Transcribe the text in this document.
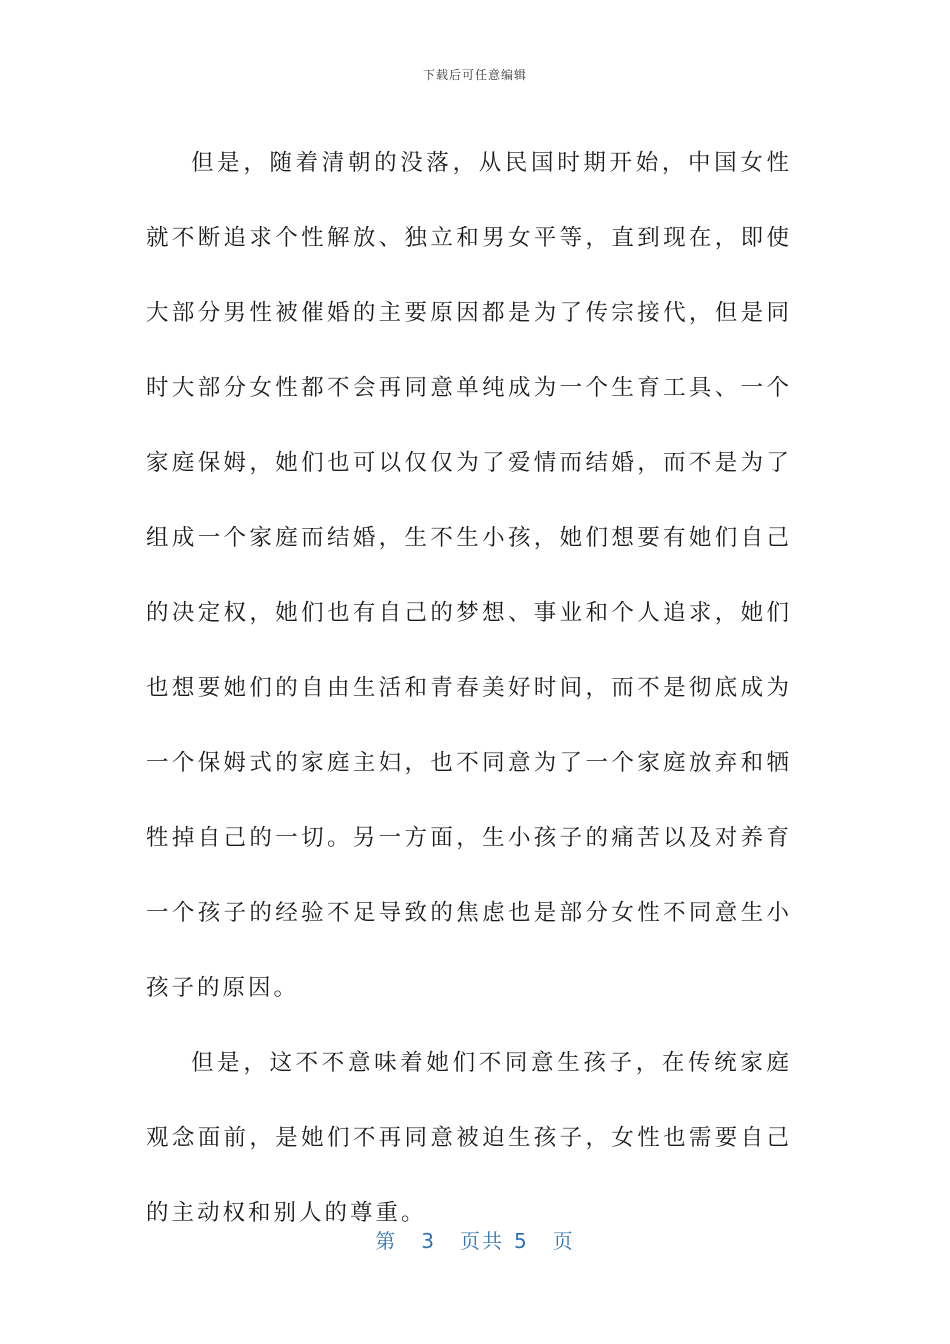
下载后可任意编辑

但是，随着清朝的没落，从民国时期开始，中国女性就不断追求个性解放、独立和男女平等，直到现在，即使大部分男性被催婚的主要原因都是为了传宗接代，但是同时大部分女性都不会再同意单纯成为一个生育工具、一个家庭保姆，她们也可以仅仅为了爱情而结婚，而不是为了组成一个家庭而结婚，生不生小孩，她们想要有她们自己的决定权，她们也有自己的梦想、事业和个人追求，她们也想要她们的自由生活和青春美好时间，而不是彻底成为一个保姆式的家庭主妇，也不同意为了一个家庭放弃和牺牲掉自己的一切。另一方面，生小孩子的痛苦以及对养育一个孩子的经验不足导致的焦虑也是部分女性不同意生小孩子的原因。

但是，这不不意味着她们不同意生孩子，在传统家庭观念面前，是她们不再同意被迫生孩子，女性也需要自己的主动权和别人的尊重。

第 3 页共 5 页
